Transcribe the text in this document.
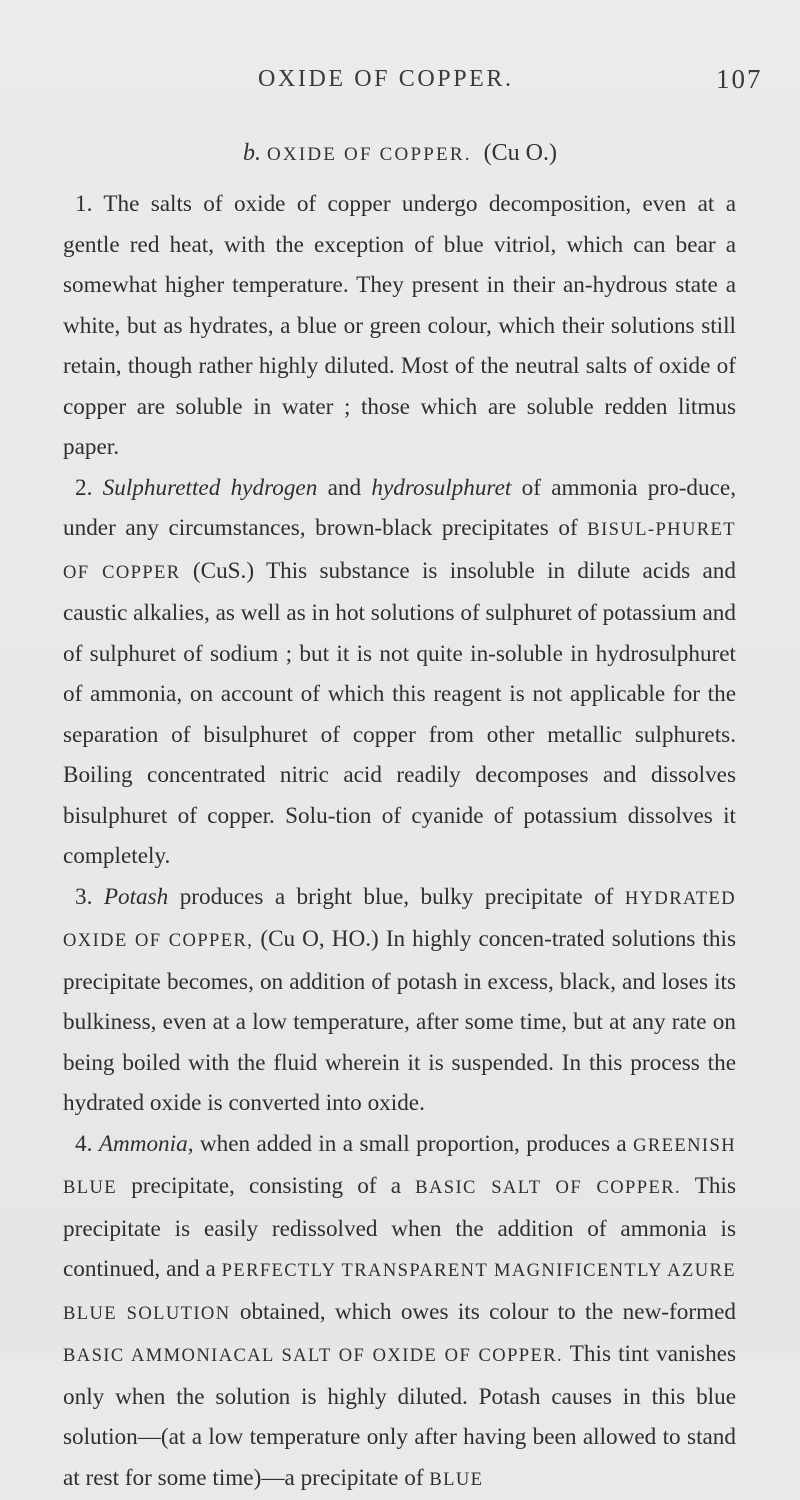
OXIDE OF COPPER.	107
b. OXIDE OF COPPER. (Cu O.)

1. The salts of oxide of copper undergo decomposition, even at a gentle red heat, with the exception of blue vitriol, which can bear a somewhat higher temperature. They present in their an-hydrous state a white, but as hydrates, a blue or green colour, which their solutions still retain, though rather highly diluted. Most of the neutral salts of oxide of copper are soluble in water ; those which are soluble redden litmus paper.

2. Sulphuretted hydrogen and hydrosulphuret of ammonia pro-duce, under any circumstances, brown-black precipitates of BISUL-PHURET OF COPPER (CuS.) This substance is insoluble in dilute acids and caustic alkalies, as well as in hot solutions of sulphuret of potassium and of sulphuret of sodium ; but it is not quite in-soluble in hydrosulphuret of ammonia, on account of which this reagent is not applicable for the separation of bisulphuret of copper from other metallic sulphurets. Boiling concentrated nitric acid readily decomposes and dissolves bisulphuret of copper. Solu-tion of cyanide of potassium dissolves it completely.

3. Potash produces a bright blue, bulky precipitate of HYDRATED OXIDE OF COPPER, (Cu O, HO.) In highly concen-trated solutions this precipitate becomes, on addition of potash in excess, black, and loses its bulkiness, even at a low temperature, after some time, but at any rate on being boiled with the fluid wherein it is suspended. In this process the hydrated oxide is converted into oxide.

4. Ammonia, when added in a small proportion, produces a GREENISH BLUE precipitate, consisting of a BASIC SALT OF COPPER. This precipitate is easily redissolved when the addition of ammonia is continued, and a PERFECTLY TRANSPARENT MAGNIFICENTLY AZURE BLUE SOLUTION obtained, which owes its colour to the new-formed BASIC AMMONIACAL SALT OF OXIDE OF COPPER. This tint vanishes only when the solution is highly diluted. Potash causes in this blue solution—(at a low temperature only after having been allowed to stand at rest for some time)—a precipitate of BLUE
